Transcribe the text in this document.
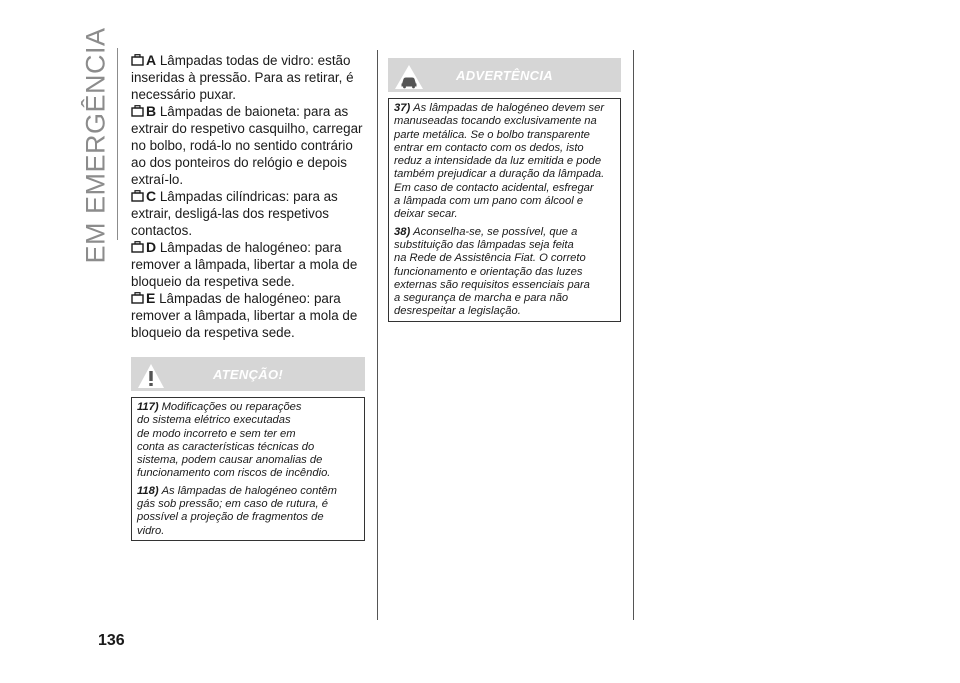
EM EMERGÊNCIA	A Lâmpadas todas de vidro: estão inseridas à pressão. Para as retirar, é necessário puxar.

B Lâmpadas de baioneta: para as extrair do respetivo casquilho, carregar no bolbo, rodá-lo no sentido contrário ao dos ponteiros do relógio e depois extraí-lo.

C Lâmpadas cilíndricas: para as extrair, desligá-las dos respetivos contactos.

D Lâmpadas de halogéneo: para remover a lâmpada, libertar a mola de bloqueio da respetiva sede.

E Lâmpadas de halogéneo: para remover a lâmpada, libertar a mola de bloqueio da respetiva sede.

ATENÇÃO!
117) Modificações ou reparações
do sistema elétrico executadas
de modo incorreto e sem ter em
conta as características técnicas do
sistema, podem causar anomalias de
funcionamento com riscos de incêndio.
118) As lâmpadas de halogéneo contêm
gás sob pressão; em caso de rutura, é
possível a projeção de fragmentos de
vidro.
ADVERTÊNCIA
37) As lâmpadas de halogéneo devem ser
manuseadas tocando exclusivamente na
parte metálica. Se o bolbo transparente
entrar em contacto com os dedos, isto
reduz a intensidade da luz emitida e pode
também prejudicar a duração da lâmpada.
Em caso de contacto acidental, esfregar
a lâmpada com um pano com álcool e
deixar secar.
38) Aconselha-se, se possível, que a
substituição das lâmpadas seja feita
na Rede de Assistência Fiat. O correto
funcionamento e orientação das luzes
externas são requisitos essenciais para
a segurança de marcha e para não
desrespeitar a legislação.
136
